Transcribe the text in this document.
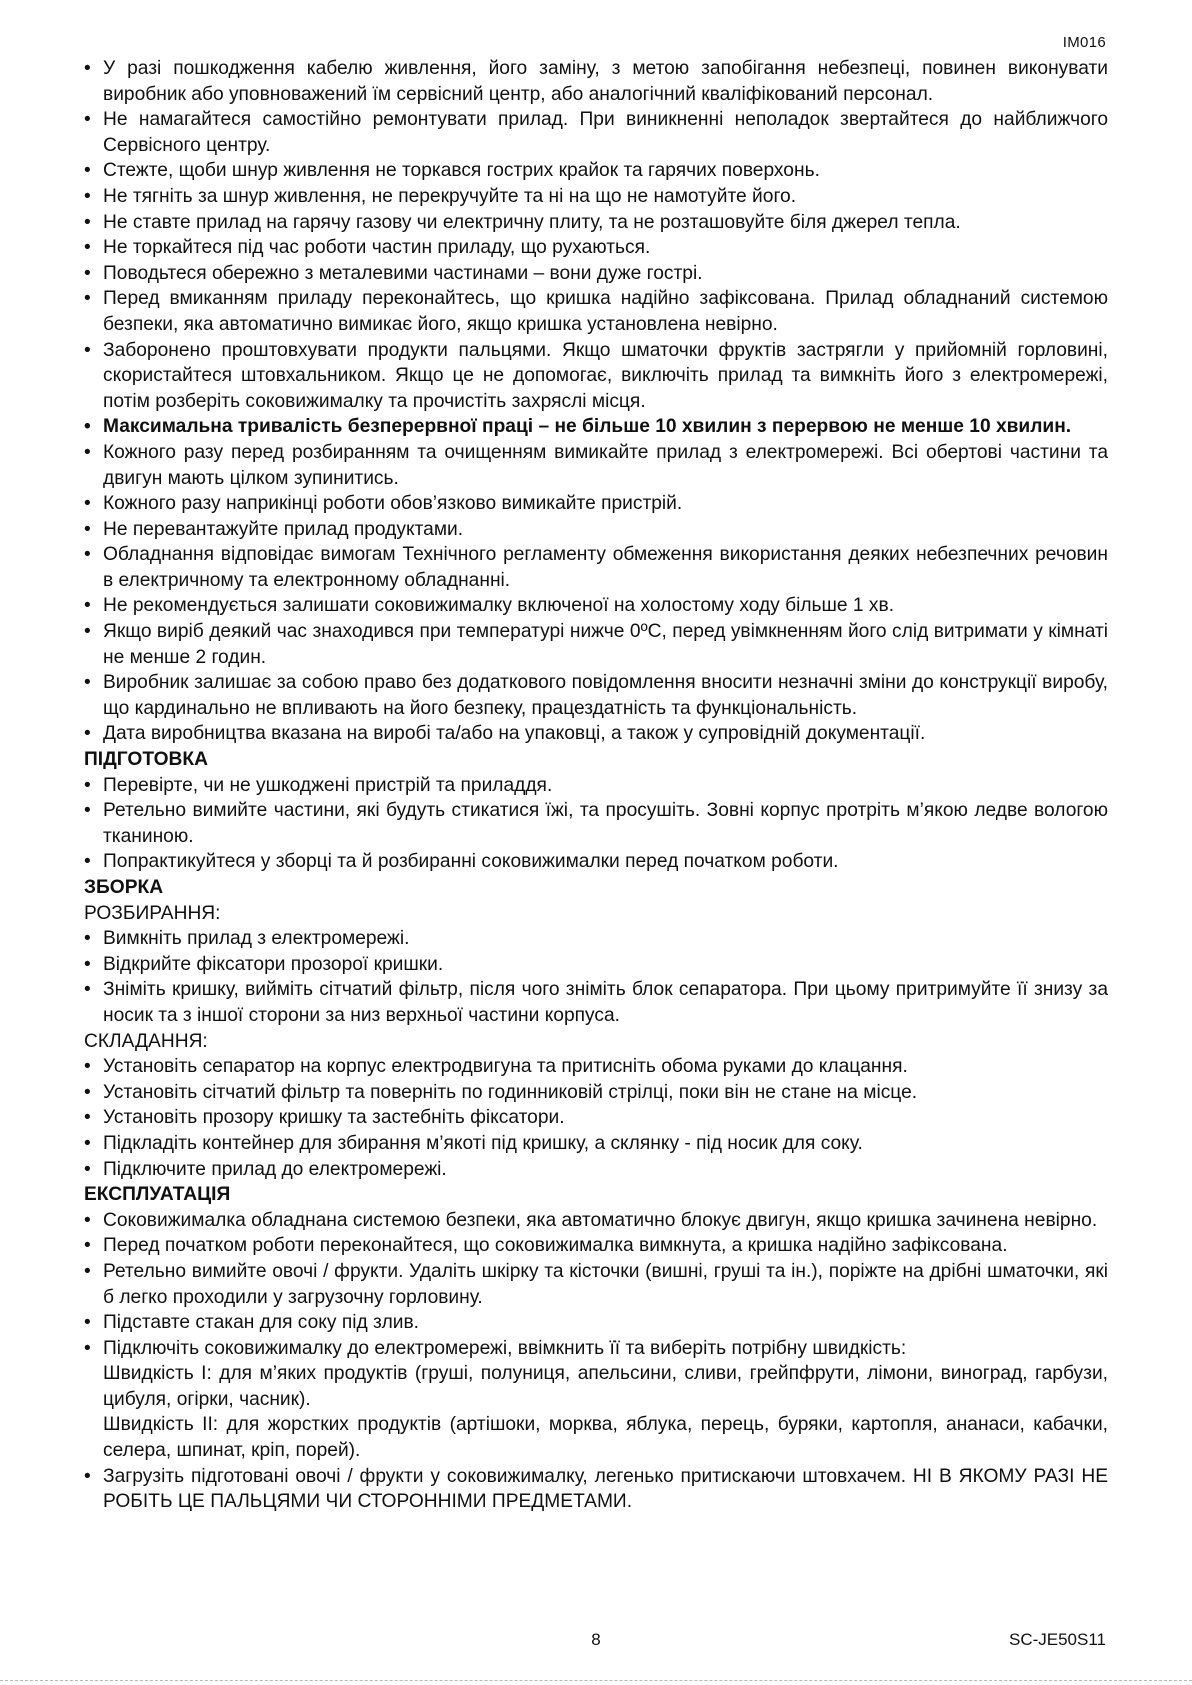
IM016
• У разі пошкодження кабелю живлення, його заміну, з метою запобігання небезпеці, повинен виконувати виробник або уповноважений їм сервісний центр, або аналогічний кваліфікований персонал.
• Не намагайтеся самостійно ремонтувати прилад. При виникненні неполадок звертайтеся до найближчого Сервісного центру.
• Стежте, щоби шнур живлення не торкався гострих крайок та гарячих поверхонь.
• Не тягніть за шнур живлення, не перекручуйте та ні на що не намотуйте його.
• Не ставте прилад на гарячу газову чи електричну плиту, та не розташовуйте біля джерел тепла.
• Не торкайтеся під час роботи частин приладу, що рухаються.
• Поводьтеся обережно з металевими частинами – вони дуже гострі.
• Перед вмиканням приладу переконайтесь, що кришка надійно зафіксована. Прилад обладнаний системою безпеки, яка автоматично вимикає його, якщо кришка установлена невірно.
• Заборонено проштовхувати продукти пальцями. Якщо шматочки фруктів застрягли у прийомній горловині, скористайтеся штовхальником. Якщо це не допомогає, виключіть прилад та вимкніть його з електромережі, потім розберіть соковижималку та прочистіть захряслі місця.
• Максимальна тривалість безперервної праці – не більше 10 хвилин з перервою не менше 10 хвилин.
• Кожного разу перед розбиранням та очищенням вимикайте прилад з електромережі. Всі обертові частини та двигун мають цілком зупинитись.
• Кожного разу наприкінці роботи обов’язково вимикайте пристрій.
• Не перевантажуйте прилад продуктами.
• Обладнання відповідає вимогам Технічного регламенту обмеження використання деяких небезпечних речовин в електричному та електронному обладнанні.
• Не рекомендується залишати соковижималку включеної на холостому ходу більше 1 хв.
• Якщо виріб деякий час знаходився при температурі нижче 0ºC, перед увімкненням його слід витримати у кімнаті не менше 2 годин.
• Виробник залишає за собою право без додаткового повідомлення вносити незначні зміни до конструкції виробу, що кардинально не впливають на його безпеку, працездатність та функціональність.
• Дата виробництва вказана на виробі та/або на упаковці, а також у супровідній документації.
ПІДГОТОВКА
• Перевірте, чи не ушкоджені пристрій та приладдя.
• Ретельно вимийте частини, які будуть стикатися їжі, та просушіть. Зовні корпус протріть м’якою ледве вологою тканиною.
• Попрактикуйтеся у зборці та й розбиранні соковижималки перед початком роботи.
ЗБОРКА
РОЗБИРАННЯ:
• Вимкніть прилад з електромережі.
• Відкрийте фіксатори прозорої кришки.
• Зніміть кришку, вийміть сітчатий фільтр, після чого зніміть блок сепаратора. При цьому притримуйте її знизу за носик та з іншої сторони за низ верхньої частини корпуса.
СКЛАДАННЯ:
• Установіть сепаратор на корпус електродвигуна та притисніть обома руками до клацання.
• Установіть сітчатий фільтр та поверніть по годинниковій стрілці, поки він не стане на місце.
• Установіть прозору кришку та застебніть фіксатори.
• Підкладіть контейнер для збирання м’якоті під кришку, а склянку - під носик для соку.
• Підключите прилад до електромережі.
ЕКСПЛУАТАЦІЯ
• Соковижималка обладнана системою безпеки, яка автоматично блокує двигун, якщо кришка зачинена невірно.
• Перед початком роботи переконайтеся, що соковижималка вимкнута, а кришка надійно зафіксована.
• Ретельно вимийте овочі / фрукти. Удаліть шкірку та кісточки (вишні, груші та ін.), поріжте на дрібні шматочки, які б легко проходили у загрузочну горловину.
• Підставте стакан для соку під злив.
• Підключіть соковижималку до електромережі, ввімкнить її та виберіть потрібну швидкість:
Швидкість I: для м’яких продуктів (груші, полуниця, апельсини, сливи, грейпфрути, лімони, виноград, гарбузи, цибуля, огірки, часник).
Швидкість II: для жорстких продуктів (артішоки, морква, яблука, перець, буряки, картопля, ананаси, кабачки, селера, шпинат, кріп, порей).
• Загрузіть підготовані овочі / фрукти у соковижималку, легенько притискаючи штовхачем. НІ В ЯКОМУ РАЗІ НЕ РОБІТЬ ЦЕ ПАЛЬЦЯМИ ЧИ СТОРОННІМИ ПРЕДМЕТАМИ.
8	SC-JE50S11
